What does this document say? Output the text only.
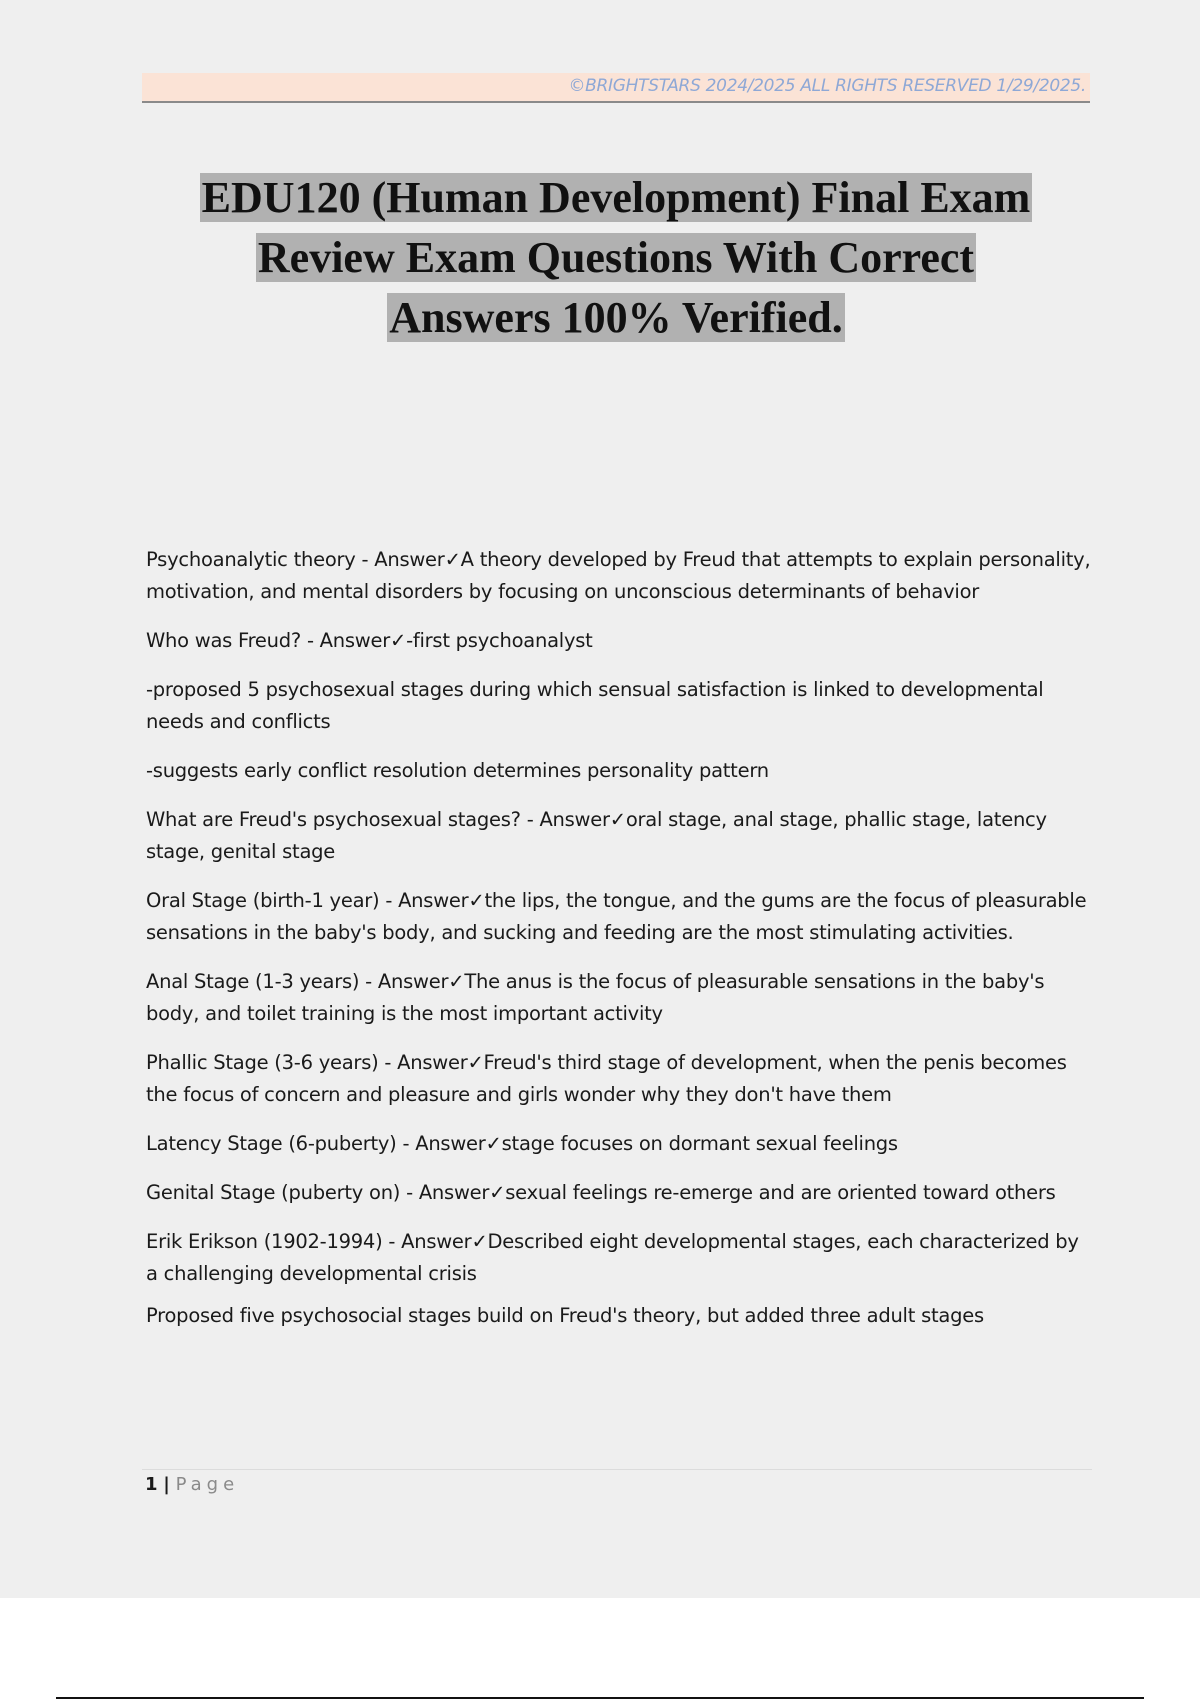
©BRIGHTSTARS 2024/2025 ALL RIGHTS RESERVED 1/29/2025.
EDU120 (Human Development) Final Exam
Review Exam Questions With Correct
Answers 100% Verified.

Psychoanalytic theory - Answer✓A theory developed by Freud that attempts to explain personality, motivation, and mental disorders by focusing on unconscious determinants of behavior

Who was Freud? - Answer✓-first psychoanalyst

-proposed 5 psychosexual stages during which sensual satisfaction is linked to developmental needs and conflicts

-suggests early conflict resolution determines personality pattern

What are Freud's psychosexual stages? - Answer✓oral stage, anal stage, phallic stage, latency stage, genital stage

Oral Stage (birth-1 year) - Answer✓the lips, the tongue, and the gums are the focus of pleasurable sensations in the baby's body, and sucking and feeding are the most stimulating activities.

Anal Stage (1-3 years) - Answer✓The anus is the focus of pleasurable sensations in the baby's body, and toilet training is the most important activity

Phallic Stage (3-6 years) - Answer✓Freud's third stage of development, when the penis becomes the focus of concern and pleasure and girls wonder why they don't have them

Latency Stage (6-puberty) - Answer✓stage focuses on dormant sexual feelings

Genital Stage (puberty on) - Answer✓sexual feelings re-emerge and are oriented toward others

Erik Erikson (1902-1994) - Answer✓Described eight developmental stages, each characterized by a challenging developmental crisis

Proposed five psychosocial stages build on Freud's theory, but added three adult stages

1 | Page
